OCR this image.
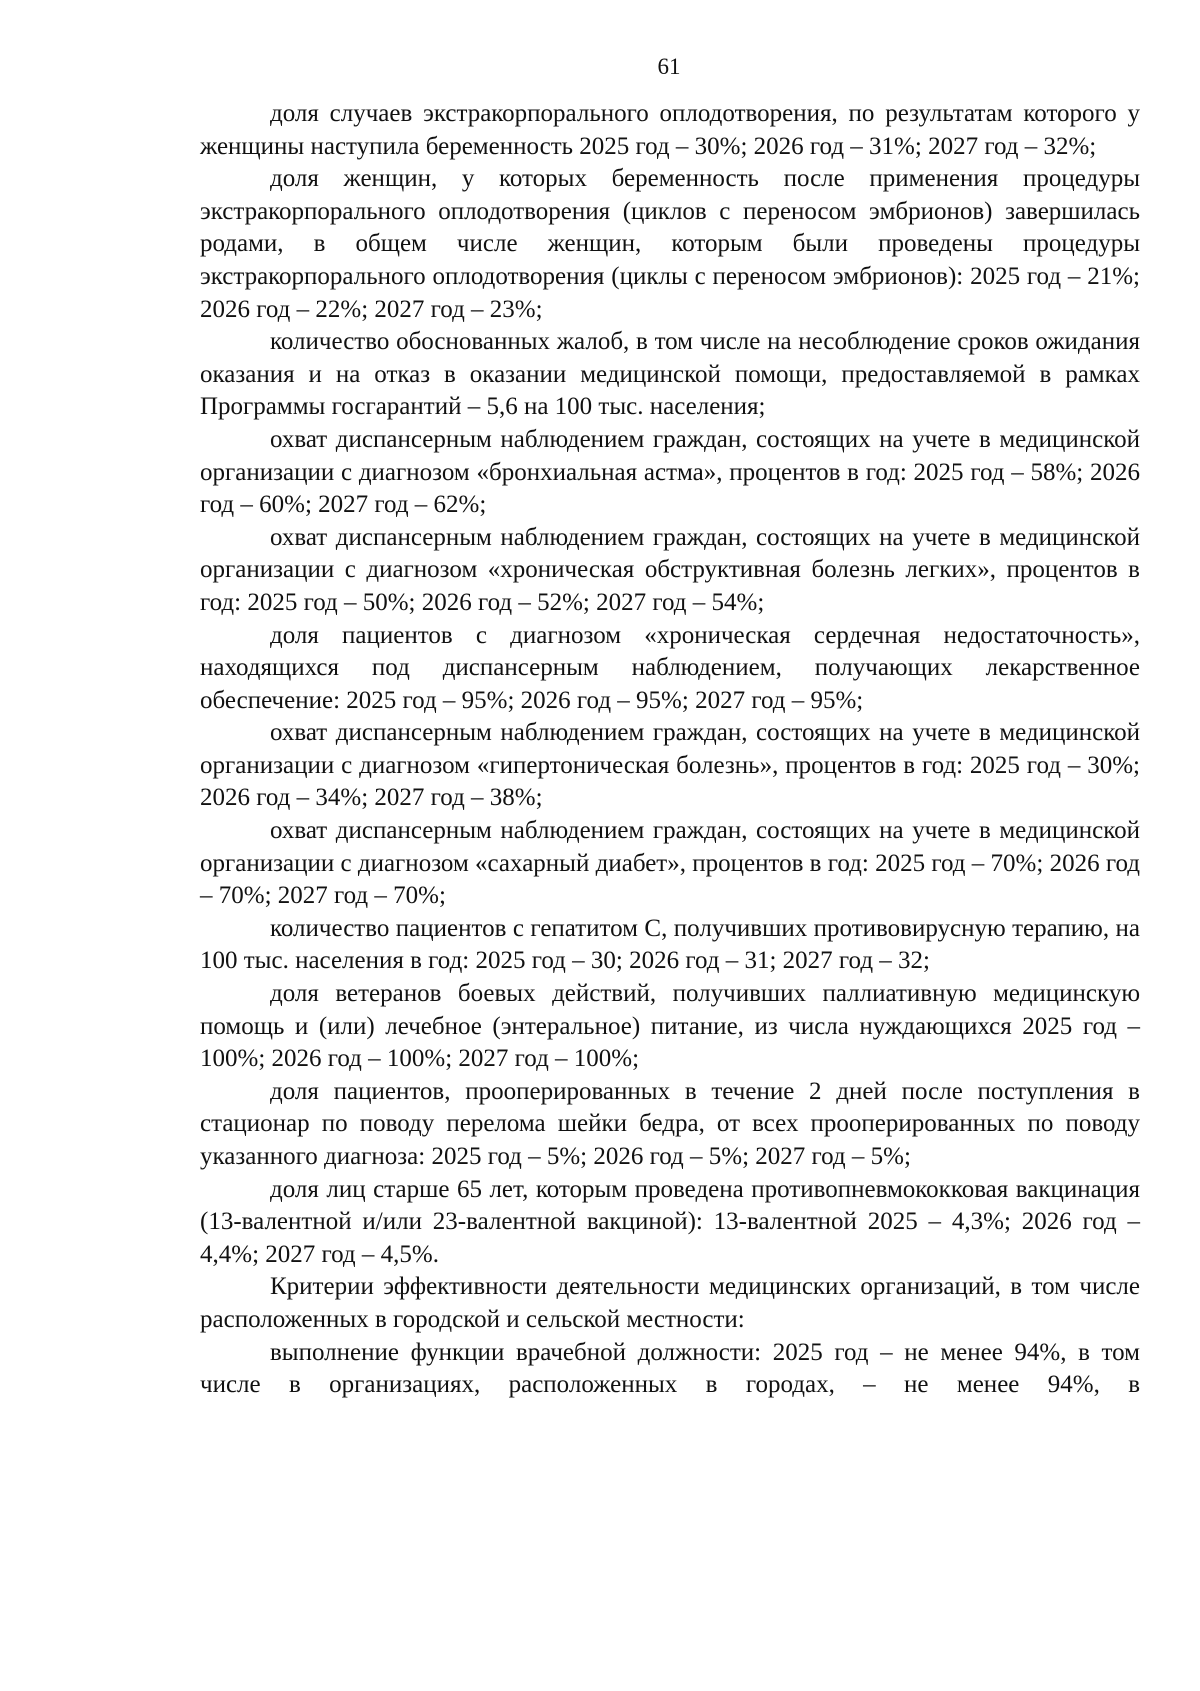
61

доля случаев экстракорпорального оплодотворения, по результатам которого у женщины наступила беременность 2025 год – 30%; 2026 год – 31%; 2027 год – 32%;

доля женщин, у которых беременность после применения процедуры экстракорпорального оплодотворения (циклов с переносом эмбрионов) завершилась родами, в общем числе женщин, которым были проведены процедуры экстракорпорального оплодотворения (циклы с переносом эмбрионов): 2025 год – 21%; 2026 год – 22%; 2027 год – 23%;

количество обоснованных жалоб, в том числе на несоблюдение сроков ожидания оказания и на отказ в оказании медицинской помощи, предоставляемой в рамках Программы госгарантий – 5,6 на 100 тыс. населения;

охват диспансерным наблюдением граждан, состоящих на учете в медицинской организации с диагнозом «бронхиальная астма», процентов в год: 2025 год – 58%; 2026 год – 60%; 2027 год – 62%;

охват диспансерным наблюдением граждан, состоящих на учете в медицинской организации с диагнозом «хроническая обструктивная болезнь легких», процентов в год: 2025 год – 50%; 2026 год – 52%; 2027 год – 54%;

доля пациентов с диагнозом «хроническая сердечная недостаточность», находящихся под диспансерным наблюдением, получающих лекарственное обеспечение: 2025 год – 95%; 2026 год – 95%; 2027 год – 95%;

охват диспансерным наблюдением граждан, состоящих на учете в медицинской организации с диагнозом «гипертоническая болезнь», процентов в год: 2025 год – 30%; 2026 год – 34%; 2027 год – 38%;

охват диспансерным наблюдением граждан, состоящих на учете в медицинской организации с диагнозом «сахарный диабет», процентов в год: 2025 год – 70%; 2026 год – 70%; 2027 год – 70%;

количество пациентов с гепатитом С, получивших противовирусную терапию, на 100 тыс. населения в год: 2025 год – 30; 2026 год – 31; 2027 год – 32;

доля ветеранов боевых действий, получивших паллиативную медицинскую помощь и (или) лечебное (энтеральное) питание, из числа нуждающихся 2025 год – 100%; 2026 год – 100%; 2027 год – 100%;

доля пациентов, прооперированных в течение 2 дней после поступления в стационар по поводу перелома шейки бедра, от всех прооперированных по поводу указанного диагноза: 2025 год – 5%; 2026 год – 5%; 2027 год – 5%;

доля лиц старше 65 лет, которым проведена противопневмококковая вакцинация (13-валентной и/или 23-валентной вакциной): 13-валентной 2025 – 4,3%; 2026 год – 4,4%; 2027 год – 4,5%.

Критерии эффективности деятельности медицинских организаций, в том числе расположенных в городской и сельской местности:

выполнение функции врачебной должности: 2025 год – не менее 94%, в том числе в организациях, расположенных в городах, – не менее 94%, в
